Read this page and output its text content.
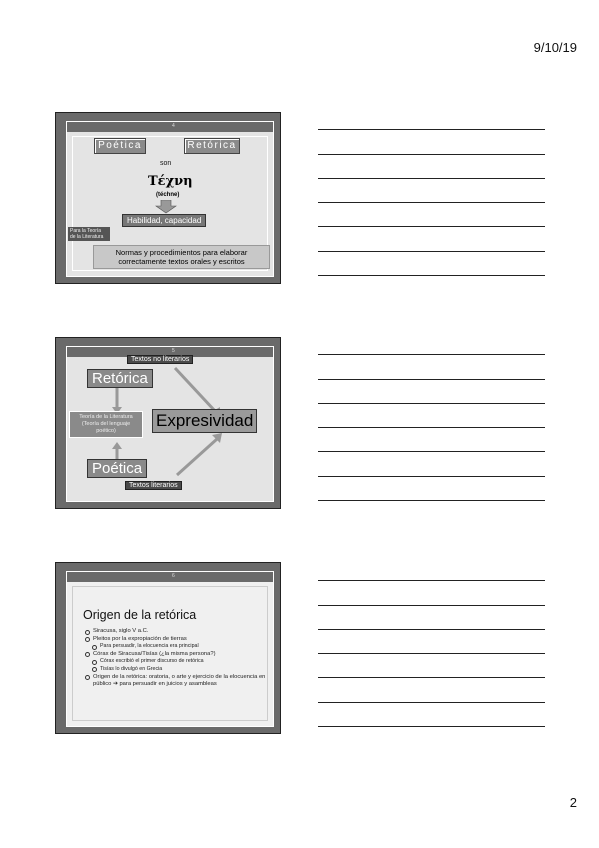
9/10/19
4
Poética	Retórica
son
Τέχνη
(téchne)
Habilidad, capacidad
Para la Teoría
de la Literatura
Normas y procedimientos para elaborar
correctamente textos orales y escritos
5
Textos no literarios
Retórica
Teoría de la Literatura
(Teoría del lenguaje
poético)
Expresividad
Poética
Textos literarios
6
Origen de la retórica
Siracusa, siglo V a.C.
Pleitos por la expropiación de tierras
Para persuadir, la elocuencia era principal
Córax de Siracusa/Tisías (¿la misma persona?)
Córax escribió el primer discurso de retórica
Tisías lo divulgó en Grecia
Origen de la retórica: oratoria, o arte y ejercicio de la elocuencia en público ➔ para persuadir en juicios y asambleas
2
